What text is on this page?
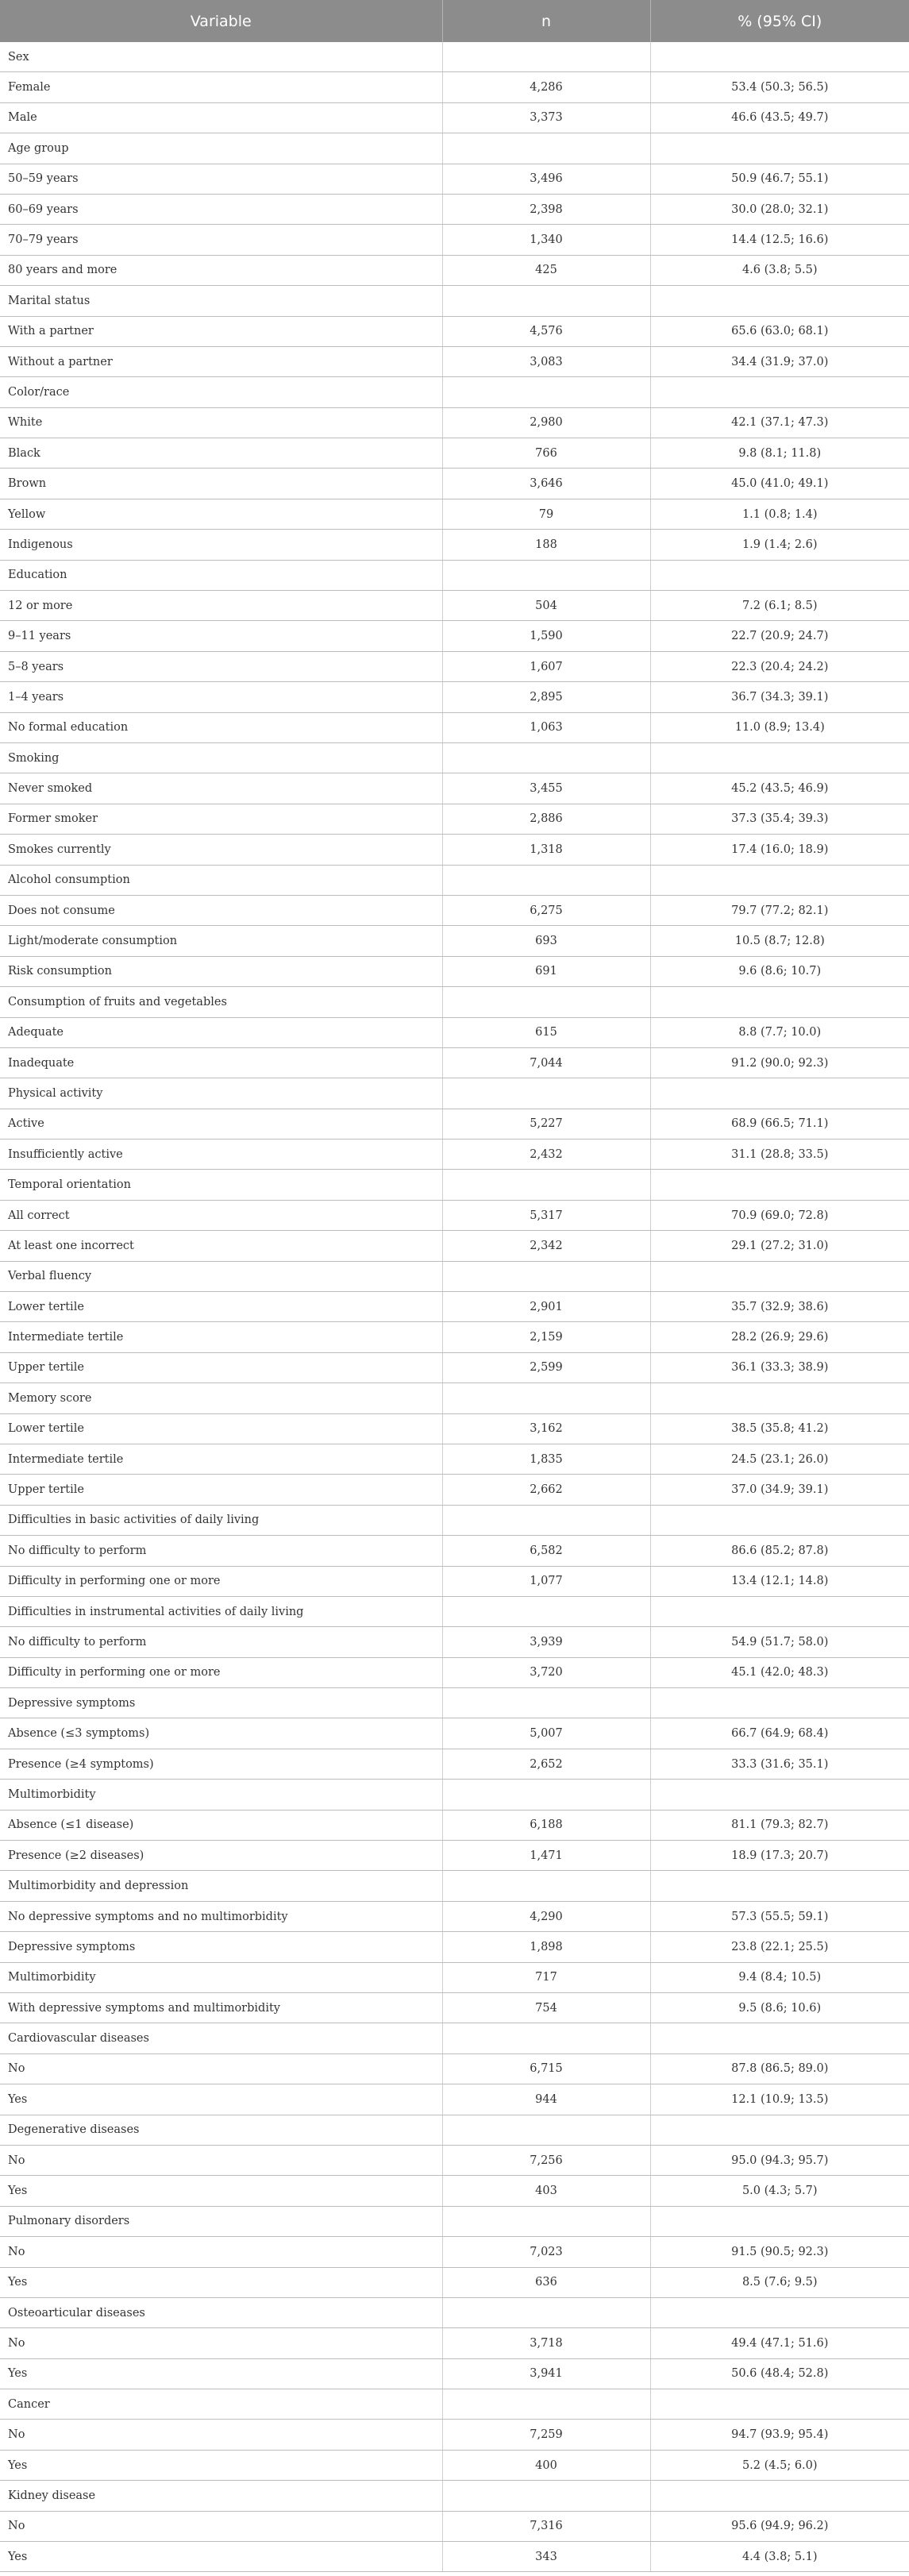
Variable	n	% (95% CI)
Sex		
Female	4,286	53.4 (50.3; 56.5)
Male	3,373	46.6 (43.5; 49.7)
Age group		
50–59 years	3,496	50.9 (46.7; 55.1)
60–69 years	2,398	30.0 (28.0; 32.1)
70–79 years	1,340	14.4 (12.5; 16.6)
80 years and more	425	4.6 (3.8; 5.5)
Marital status		
With a partner	4,576	65.6 (63.0; 68.1)
Without a partner	3,083	34.4 (31.9; 37.0)
Color/race		
White	2,980	42.1 (37.1; 47.3)
Black	766	9.8 (8.1; 11.8)
Brown	3,646	45.0 (41.0; 49.1)
Yellow	79	1.1 (0.8; 1.4)
Indigenous	188	1.9 (1.4; 2.6)
Education		
12 or more	504	7.2 (6.1; 8.5)
9–11 years	1,590	22.7 (20.9; 24.7)
5–8 years	1,607	22.3 (20.4; 24.2)
1–4 years	2,895	36.7 (34.3; 39.1)
No formal education	1,063	11.0 (8.9; 13.4)
Smoking		
Never smoked	3,455	45.2 (43.5; 46.9)
Former smoker	2,886	37.3 (35.4; 39.3)
Smokes currently	1,318	17.4 (16.0; 18.9)
Alcohol consumption		
Does not consume	6,275	79.7 (77.2; 82.1)
Light/moderate consumption	693	10.5 (8.7; 12.8)
Risk consumption	691	9.6 (8.6; 10.7)
Consumption of fruits and vegetables		
Adequate	615	8.8 (7.7; 10.0)
Inadequate	7,044	91.2 (90.0; 92.3)
Physical activity		
Active	5,227	68.9 (66.5; 71.1)
Insufficiently active	2,432	31.1 (28.8; 33.5)
Temporal orientation		
All correct	5,317	70.9 (69.0; 72.8)
At least one incorrect	2,342	29.1 (27.2; 31.0)
Verbal fluency		
Lower tertile	2,901	35.7 (32.9; 38.6)
Intermediate tertile	2,159	28.2 (26.9; 29.6)
Upper tertile	2,599	36.1 (33.3; 38.9)
Memory score		
Lower tertile	3,162	38.5 (35.8; 41.2)
Intermediate tertile	1,835	24.5 (23.1; 26.0)
Upper tertile	2,662	37.0 (34.9; 39.1)
Difficulties in basic activities of daily living		
No difficulty to perform	6,582	86.6 (85.2; 87.8)
Difficulty in performing one or more	1,077	13.4 (12.1; 14.8)
Difficulties in instrumental activities of daily living		
No difficulty to perform	3,939	54.9 (51.7; 58.0)
Difficulty in performing one or more	3,720	45.1 (42.0; 48.3)
Depressive symptoms		
Absence (≤3 symptoms)	5,007	66.7 (64.9; 68.4)
Presence (≥4 symptoms)	2,652	33.3 (31.6; 35.1)
Multimorbidity		
Absence (≤1 disease)	6,188	81.1 (79.3; 82.7)
Presence (≥2 diseases)	1,471	18.9 (17.3; 20.7)
Multimorbidity and depression		
No depressive symptoms and no multimorbidity	4,290	57.3 (55.5; 59.1)
Depressive symptoms	1,898	23.8 (22.1; 25.5)
Multimorbidity	717	9.4 (8.4; 10.5)
With depressive symptoms and multimorbidity	754	9.5 (8.6; 10.6)
Cardiovascular diseases		
No	6,715	87.8 (86.5; 89.0)
Yes	944	12.1 (10.9; 13.5)
Degenerative diseases		
No	7,256	95.0 (94.3; 95.7)
Yes	403	5.0 (4.3; 5.7)
Pulmonary disorders		
No	7,023	91.5 (90.5; 92.3)
Yes	636	8.5 (7.6; 9.5)
Osteoarticular diseases		
No	3,718	49.4 (47.1; 51.6)
Yes	3,941	50.6 (48.4; 52.8)
Cancer		
No	7,259	94.7 (93.9; 95.4)
Yes	400	5.2 (4.5; 6.0)
Kidney disease		
No	7,316	95.6 (94.9; 96.2)
Yes	343	4.4 (3.8; 5.1)
